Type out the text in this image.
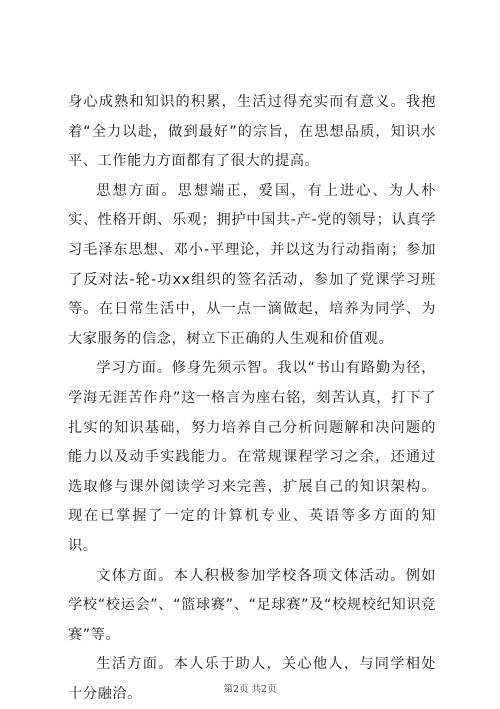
身心成熟和知识的积累，生活过得充实而有意义。我抱着“全力以赴，做到最好”的宗旨，在思想品质，知识水平、工作能力方面都有了很大的提高。

思想方面。思想端正，爱国，有上进心、为人朴实、性格开朗、乐观；拥护中国共-产-党的领导；认真学习毛泽东思想、邓小-平理论，并以这为行动指南；参加了反对法-轮-功xx组织的签名活动，参加了党课学习班等。在日常生活中，从一点一滴做起，培养为同学、为大家服务的信念，树立下正确的人生观和价值观。

学习方面。修身先须示智。我以“书山有路勤为径，学海无涯苦作舟”这一格言为座右铭，刻苦认真，打下了扎实的知识基础，努力培养自己分析问题解和决问题的能力以及动手实践能力。在常规课程学习之余，还通过选取修与课外阅读学习来完善，扩展自己的知识架构。现在已掌握了一定的计算机专业、英语等多方面的知识。

文体方面。本人积极参加学校各项文体活动。例如学校“校运会”、“篮球赛”、“足球赛”及“校规校纪知识竞赛”等。

生活方面。本人乐于助人，关心他人，与同学相处十分融洽。	第2页 共2页
